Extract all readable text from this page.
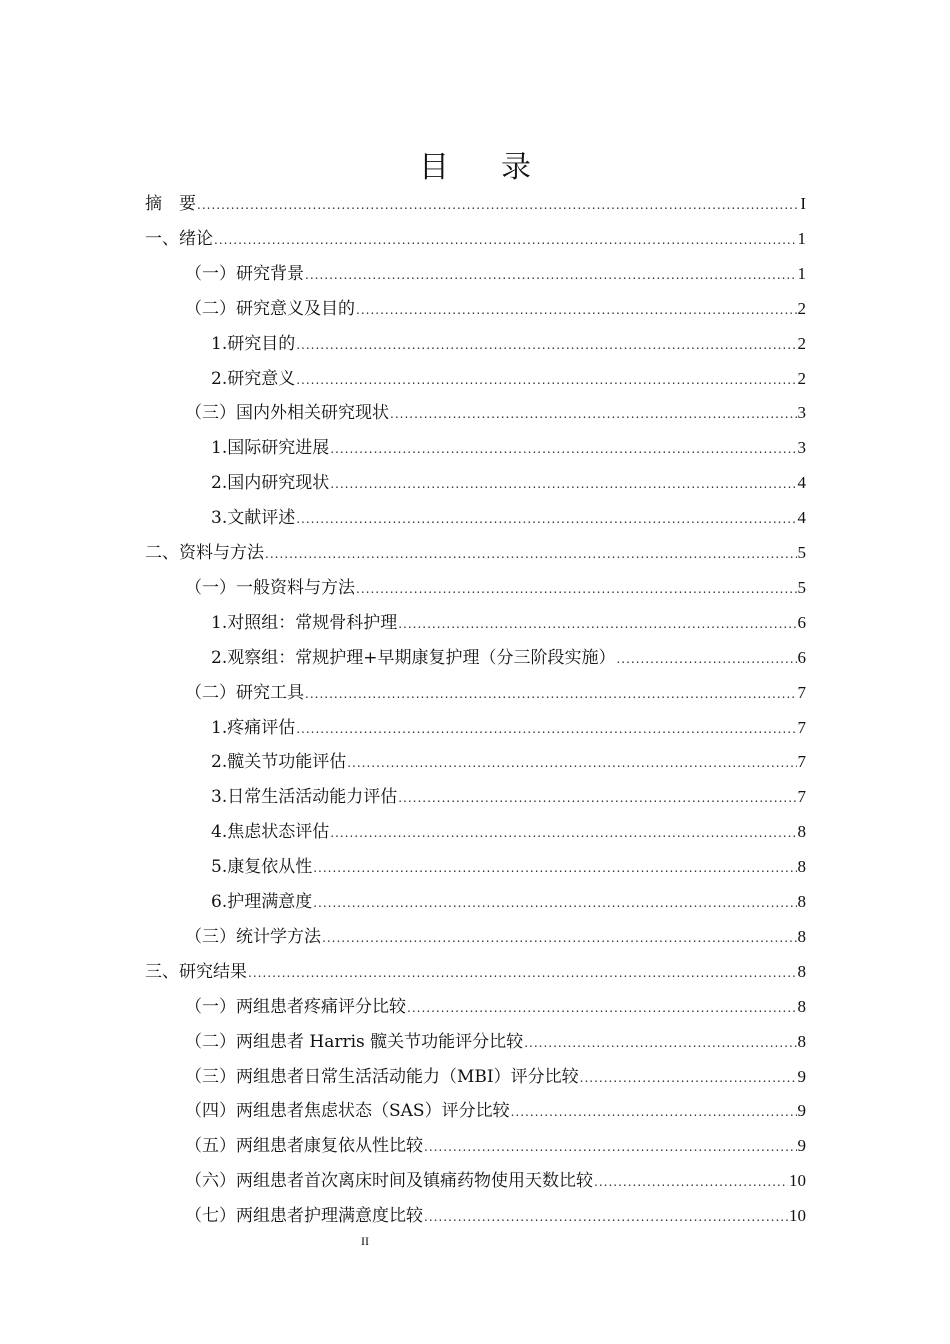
目 录
摘　要 .....	I
一、绪论 .....	1
（一）研究背景 .....	1
（二）研究意义及目的 .....	2
1.研究目的 .....	2
2.研究意义 .....	2
（三）国内外相关研究现状 .....	3
1.国际研究进展 .....	3
2.国内研究现状 .....	4
3.文献评述 .....	4
二、资料与方法 .....	5
（一）一般资料与方法 .....	5
1.对照组：常规骨科护理 .....	6
2.观察组：常规护理+早期康复护理（分三阶段实施） .....	6
（二）研究工具 .....	7
1.疼痛评估 .....	7
2.髋关节功能评估 .....	7
3.日常生活活动能力评估 .....	7
4.焦虑状态评估 .....	8
5.康复依从性 .....	8
6.护理满意度 .....	8
（三）统计学方法 .....	8
三、研究结果 .....	8
（一）两组患者疼痛评分比较 .....	8
（二）两组患者 Harris 髋关节功能评分比较 .....	8
（三）两组患者日常生活活动能力（MBI）评分比较 .....	9
（四）两组患者焦虑状态（SAS）评分比较 .....	9
（五）两组患者康复依从性比较 .....	9
（六）两组患者首次离床时间及镇痛药物使用天数比较 .....	10
（七）两组患者护理满意度比较 .....	10
II
